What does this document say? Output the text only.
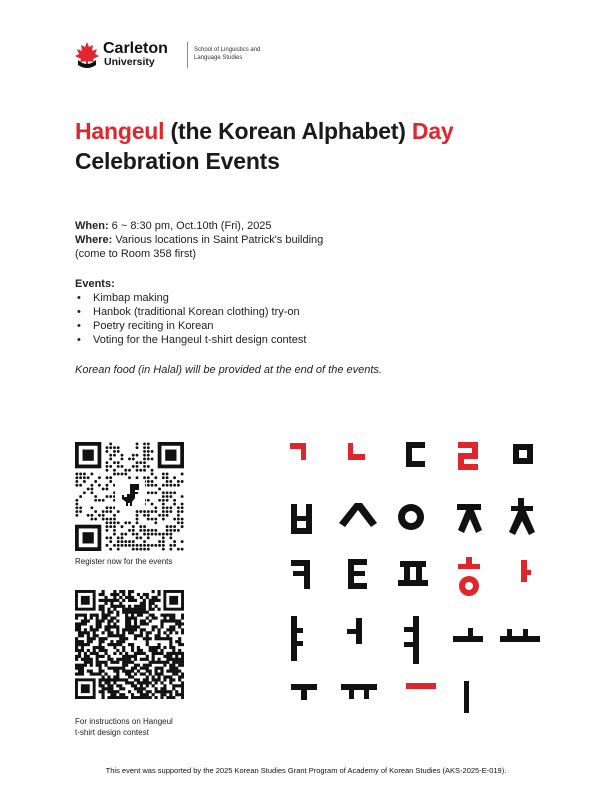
Carleton
University
School of Linguistics and Language Studies
Hangeul (the Korean Alphabet) Day
Celebration Events
When: 6 ~ 8:30 pm, Oct.10th (Fri), 2025
Where: Various locations in Saint Patrick's building
(come to Room 358 first)
Events:
• Kimbap making
• Hanbok (traditional Korean clothing) try-on
• Poetry reciting in Korean
• Voting for the Hangeul t-shirt design contest
Korean food (in Halal) will be provided at the end of the events.
Register now for the events
For instructions on Hangeul
t-shirt design contest
This event was supported by the 2025 Korean Studies Grant Program of Academy of Korean Studies (AKS-2025-E-019).
